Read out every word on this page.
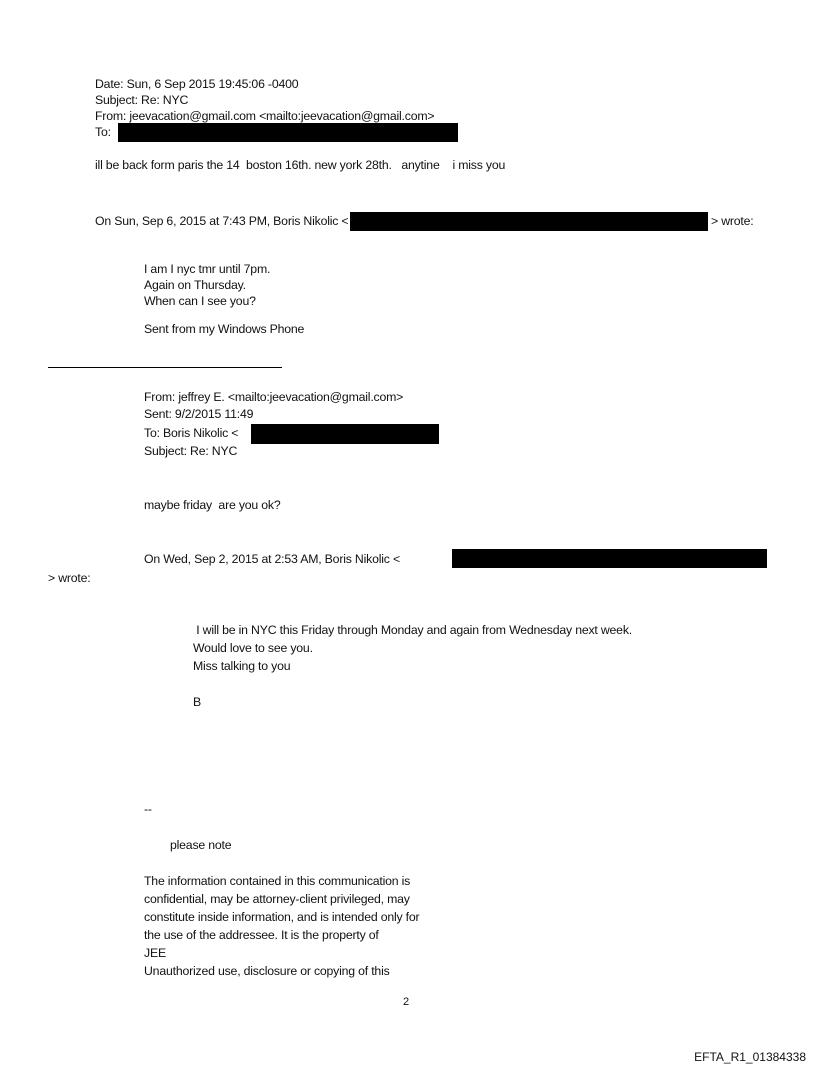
Date: Sun, 6 Sep 2015 19:45:06 -0400
Subject: Re: NYC
From: jeevacation@gmail.com <mailto:jeevacation@gmail.com>
To:
ill be back form paris the 14  boston 16th. new york 28th.   anytine    i miss you
On Sun, Sep 6, 2015 at 7:43 PM, Boris Nikolic <	> wrote:
I am I nyc tmr until 7pm.
Again on Thursday.
When can I see you?
Sent from my Windows Phone
From: jeffrey E. <mailto:jeevacation@gmail.com>
Sent: 9/2/2015 11:49
To: Boris Nikolic <
Subject: Re: NYC
maybe friday  are you ok?
On Wed, Sep 2, 2015 at 2:53 AM, Boris Nikolic <
> wrote:
I will be in NYC this Friday through Monday and again from Wednesday next week.
Would love to see you.
Miss talking to you
B
--
please note
The information contained in this communication is
confidential, may be attorney-client privileged, may
constitute inside information, and is intended only for
the use of the addressee. It is the property of
JEE
Unauthorized use, disclosure or copying of this
2
EFTA_R1_01384338
